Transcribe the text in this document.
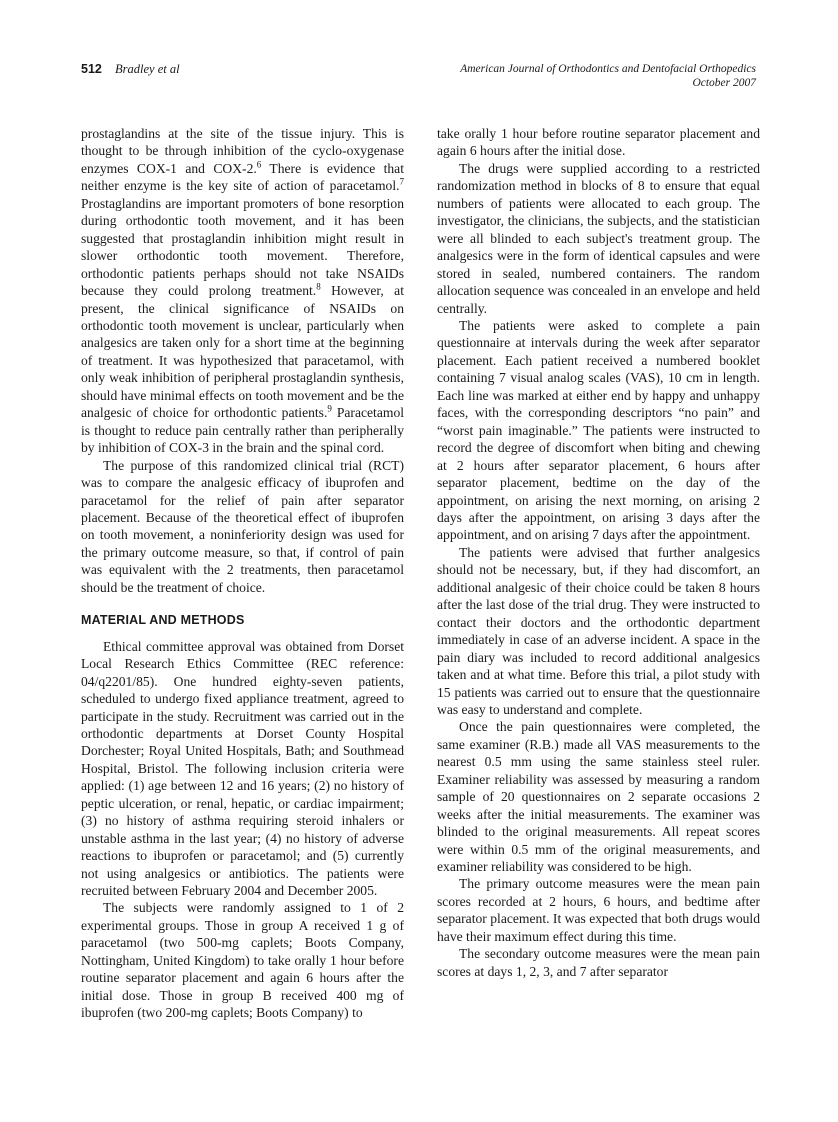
512 Bradley et al	American Journal of Orthodontics and Dentofacial Orthopedics
October 2007

prostaglandins at the site of the tissue injury. This is thought to be through inhibition of the cyclo-oxygenase enzymes COX-1 and COX-2.$^6$ There is evidence that neither enzyme is the key site of action of paracetamol.$^7$ Prostaglandins are important promoters of bone resorption during orthodontic tooth movement, and it has been suggested that prostaglandin inhibition might result in slower orthodontic tooth movement. Therefore, orthodontic patients perhaps should not take NSAIDs because they could prolong treatment.$^8$ However, at present, the clinical significance of NSAIDs on orthodontic tooth movement is unclear, particularly when analgesics are taken only for a short time at the beginning of treatment. It was hypothesized that paracetamol, with only weak inhibition of peripheral prostaglandin synthesis, should have minimal effects on tooth movement and be the analgesic of choice for orthodontic patients.$^9$ Paracetamol is thought to reduce pain centrally rather than peripherally by inhibition of COX-3 in the brain and the spinal cord.

The purpose of this randomized clinical trial (RCT) was to compare the analgesic efficacy of ibuprofen and paracetamol for the relief of pain after separator placement. Because of the theoretical effect of ibuprofen on tooth movement, a noninferiority design was used for the primary outcome measure, so that, if control of pain was equivalent with the 2 treatments, then paracetamol should be the treatment of choice.

MATERIAL AND METHODS

Ethical committee approval was obtained from Dorset Local Research Ethics Committee (REC reference: 04/q2201/85). One hundred eighty-seven patients, scheduled to undergo fixed appliance treatment, agreed to participate in the study. Recruitment was carried out in the orthodontic departments at Dorset County Hospital Dorchester; Royal United Hospitals, Bath; and Southmead Hospital, Bristol. The following inclusion criteria were applied: (1) age between 12 and 16 years; (2) no history of peptic ulceration, or renal, hepatic, or cardiac impairment; (3) no history of asthma requiring steroid inhalers or unstable asthma in the last year; (4) no history of adverse reactions to ibuprofen or paracetamol; and (5) currently not using analgesics or antibiotics. The patients were recruited between February 2004 and December 2005.

The subjects were randomly assigned to 1 of 2 experimental groups. Those in group A received 1 g of paracetamol (two 500-mg caplets; Boots Company, Nottingham, United Kingdom) to take orally 1 hour before routine separator placement and again 6 hours after the initial dose. Those in group B received 400 mg of ibuprofen (two 200-mg caplets; Boots Company) to

take orally 1 hour before routine separator placement and again 6 hours after the initial dose.

The drugs were supplied according to a restricted randomization method in blocks of 8 to ensure that equal numbers of patients were allocated to each group. The investigator, the clinicians, the subjects, and the statistician were all blinded to each subject's treatment group. The analgesics were in the form of identical capsules and were stored in sealed, numbered containers. The random allocation sequence was concealed in an envelope and held centrally.

The patients were asked to complete a pain questionnaire at intervals during the week after separator placement. Each patient received a numbered booklet containing 7 visual analog scales (VAS), 10 cm in length. Each line was marked at either end by happy and unhappy faces, with the corresponding descriptors “no pain” and “worst pain imaginable.” The patients were instructed to record the degree of discomfort when biting and chewing at 2 hours after separator placement, 6 hours after separator placement, bedtime on the day of the appointment, on arising the next morning, on arising 2 days after the appointment, on arising 3 days after the appointment, and on arising 7 days after the appointment.

The patients were advised that further analgesics should not be necessary, but, if they had discomfort, an additional analgesic of their choice could be taken 8 hours after the last dose of the trial drug. They were instructed to contact their doctors and the orthodontic department immediately in case of an adverse incident. A space in the pain diary was included to record additional analgesics taken and at what time. Before this trial, a pilot study with 15 patients was carried out to ensure that the questionnaire was easy to understand and complete.

Once the pain questionnaires were completed, the same examiner (R.B.) made all VAS measurements to the nearest 0.5 mm using the same stainless steel ruler. Examiner reliability was assessed by measuring a random sample of 20 questionnaires on 2 separate occasions 2 weeks after the initial measurements. The examiner was blinded to the original measurements. All repeat scores were within 0.5 mm of the original measurements, and examiner reliability was considered to be high.

The primary outcome measures were the mean pain scores recorded at 2 hours, 6 hours, and bedtime after separator placement. It was expected that both drugs would have their maximum effect during this time.

The secondary outcome measures were the mean pain scores at days 1, 2, 3, and 7 after separator
